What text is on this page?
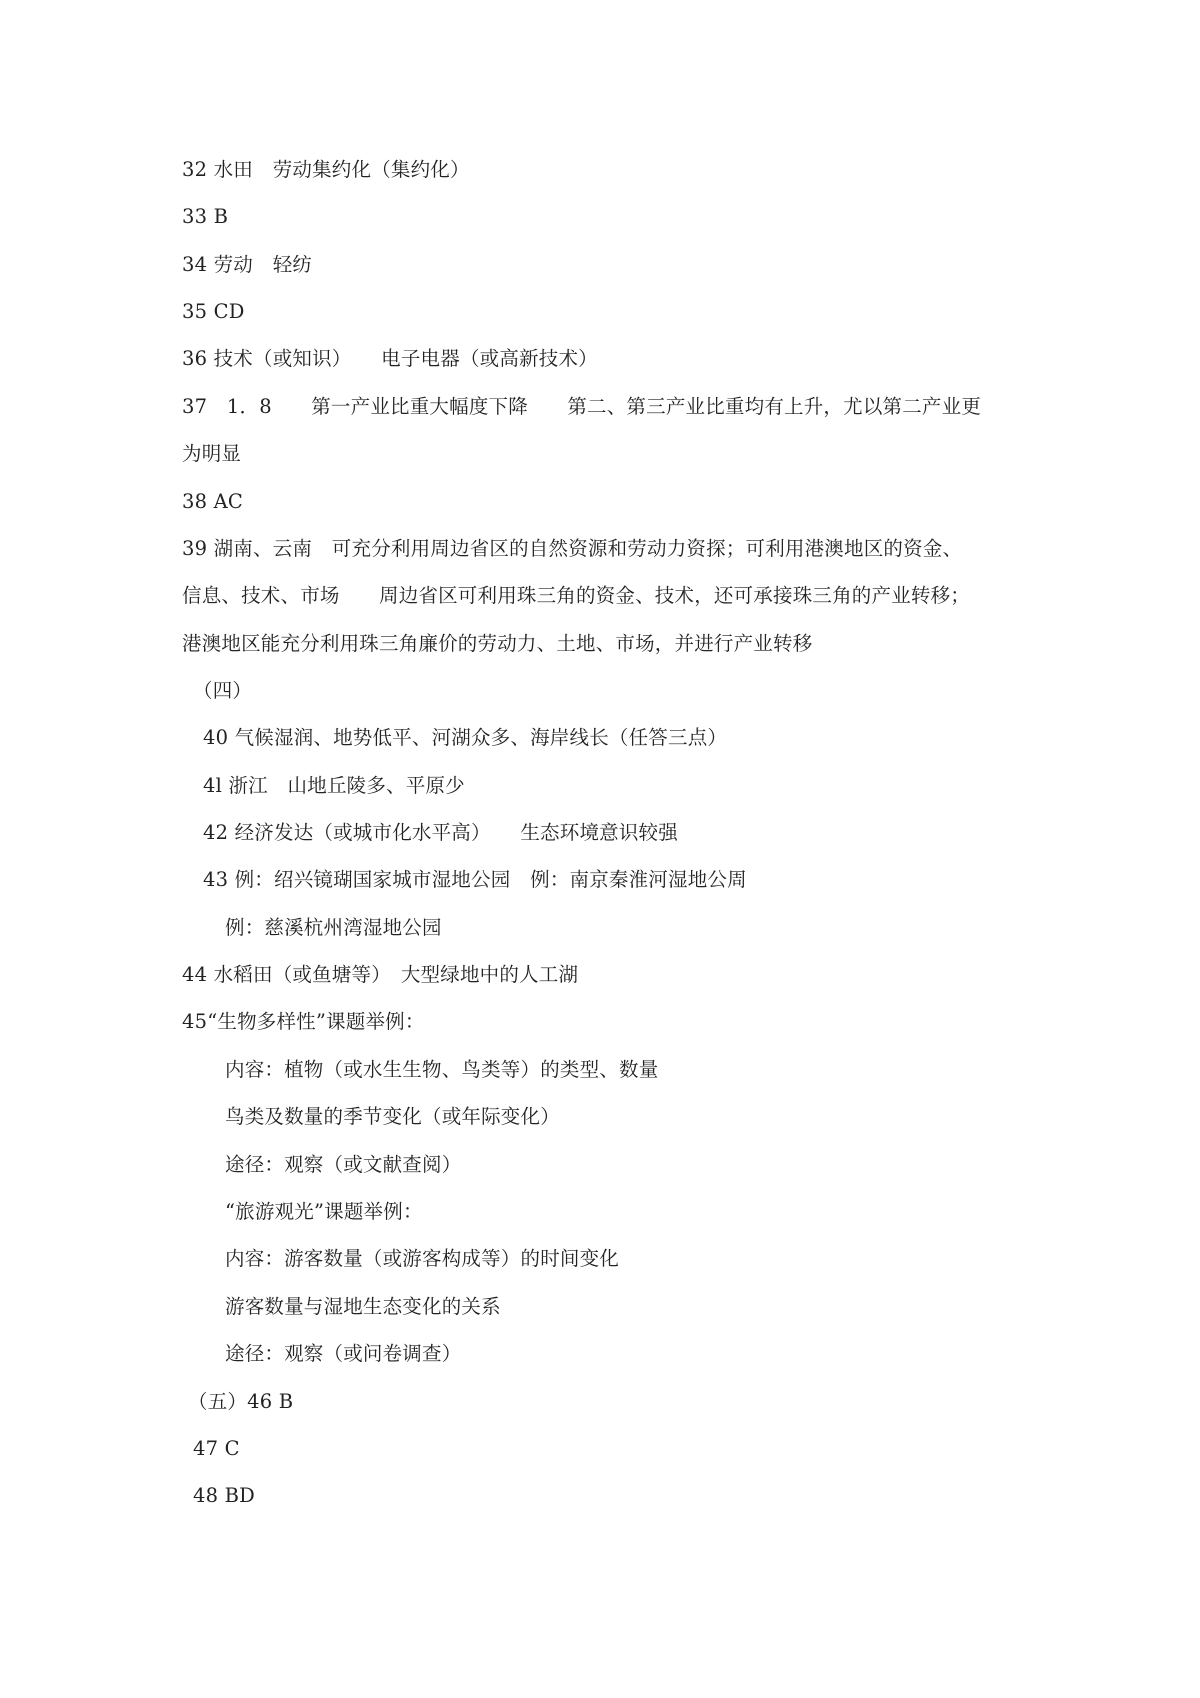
32 水田　劳动集约化（集约化）
33 B
34 劳动　轻纺
35 CD
36 技术（或知识）　　电子电器（或高新技术）
37　1．8　　第一产业比重大幅度下降　　第二、第三产业比重均有上升，尤以第二产业更
为明显
38 AC
39 湖南、云南　可充分利用周边省区的自然资源和劳动力资探；可利用港澳地区的资金、
信息、技术、市场　　周边省区可利用珠三角的资金、技术，还可承接珠三角的产业转移；
港澳地区能充分利用珠三角廉价的劳动力、土地、市场，并进行产业转移
（四）
40 气候湿润、地势低平、河湖众多、海岸线长（任答三点）
4l 浙江　山地丘陵多、平原少
42 经济发达（或城市化水平高）　　生态环境意识较强
43 例：绍兴镜瑚国家城市湿地公园　例：南京秦淮河湿地公周
例：慈溪杭州湾湿地公园
44 水稻田（或鱼塘等）　大型绿地中的人工湖
45“生物多样性”课题举例：
内容：植物（或水生生物、鸟类等）的类型、数量
鸟类及数量的季节变化（或年际变化）
途径：观察（或文献查阅）
“旅游观光”课题举例：
内容：游客数量（或游客构成等）的时间变化
游客数量与湿地生态变化的关系
途径：观察（或问卷调查）
（五）46 B
47 C
48 BD
